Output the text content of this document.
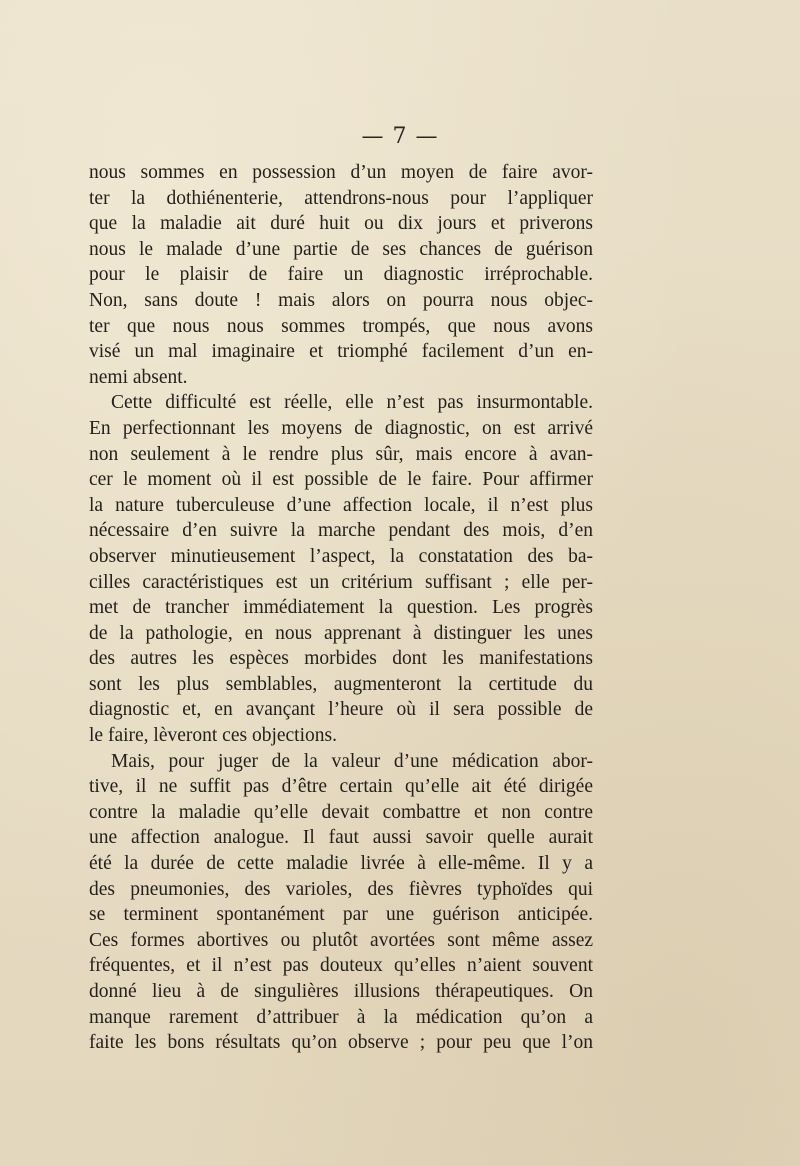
— 7 —
nous sommes en possession d’un moyen de faire avor-
ter la dothiénenterie, attendrons-nous pour l’appliquer
que la maladie ait duré huit ou dix jours et priverons
nous le malade d’une partie de ses chances de guérison
pour le plaisir de faire un diagnostic irréprochable.
Non, sans doute ! mais alors on pourra nous objec-
ter que nous nous sommes trompés, que nous avons
visé un mal imaginaire et triomphé facilement d’un en-
nemi absent.
Cette difficulté est réelle, elle n’est pas insurmontable.
En perfectionnant les moyens de diagnostic, on est arrivé
non seulement à le rendre plus sûr, mais encore à avan-
cer le moment où il est possible de le faire. Pour affirmer
la nature tuberculeuse d’une affection locale, il n’est plus
nécessaire d’en suivre la marche pendant des mois, d’en
observer minutieusement l’aspect, la constatation des ba-
cilles caractéristiques est un critérium suffisant ; elle per-
met de trancher immédiatement la question. Les progrès
de la pathologie, en nous apprenant à distinguer les unes
des autres les espèces morbides dont les manifestations
sont les plus semblables, augmenteront la certitude du
diagnostic et, en avançant l’heure où il sera possible de
le faire, lèveront ces objections.
Mais, pour juger de la valeur d’une médication abor-
tive, il ne suffit pas d’être certain qu’elle ait été dirigée
contre la maladie qu’elle devait combattre et non contre
une affection analogue. Il faut aussi savoir quelle aurait
été la durée de cette maladie livrée à elle-même. Il y a
des pneumonies, des varioles, des fièvres typhoïdes qui
se terminent spontanément par une guérison anticipée.
Ces formes abortives ou plutôt avortées sont même assez
fréquentes, et il n’est pas douteux qu’elles n’aient souvent
donné lieu à de singulières illusions thérapeutiques. On
manque rarement d’attribuer à la médication qu’on a
faite les bons résultats qu’on observe ; pour peu que l’on
